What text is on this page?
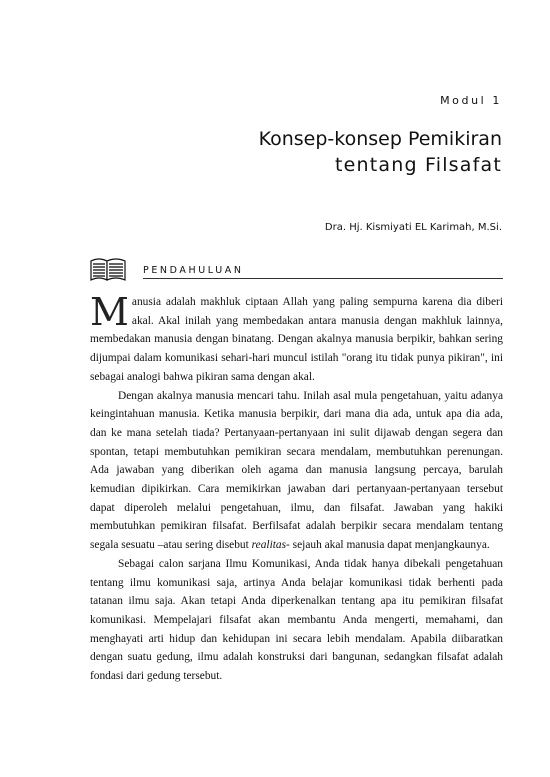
Modul 1
Konsep-konsep Pemikiran
tentang Filsafat
Dra. Hj. Kismiyati EL Karimah, M.Si.
PENDAHULUAN

Manusia adalah makhluk ciptaan Allah yang paling sempurna karena dia diberi akal. Akal inilah yang membedakan antara manusia dengan makhluk lainnya, membedakan manusia dengan binatang. Dengan akalnya manusia berpikir, bahkan sering dijumpai dalam komunikasi sehari-hari muncul istilah "orang itu tidak punya pikiran", ini sebagai analogi bahwa pikiran sama dengan akal.

Dengan akalnya manusia mencari tahu. Inilah asal mula pengetahuan, yaitu adanya keingintahuan manusia. Ketika manusia berpikir, dari mana dia ada, untuk apa dia ada, dan ke mana setelah tiada? Pertanyaan-pertanyaan ini sulit dijawab dengan segera dan spontan, tetapi membutuhkan pemikiran secara mendalam, membutuhkan perenungan. Ada jawaban yang diberikan oleh agama dan manusia langsung percaya, barulah kemudian dipikirkan. Cara memikirkan jawaban dari pertanyaan-pertanyaan tersebut dapat diperoleh melalui pengetahuan, ilmu, dan filsafat. Jawaban yang hakiki membutuhkan pemikiran filsafat. Berfilsafat adalah berpikir secara mendalam tentang segala sesuatu –atau sering disebut realitas- sejauh akal manusia dapat menjangkaunya.

Sebagai calon sarjana Ilmu Komunikasi, Anda tidak hanya dibekali pengetahuan tentang ilmu komunikasi saja, artinya Anda belajar komunikasi tidak berhenti pada tatanan ilmu saja. Akan tetapi Anda diperkenalkan tentang apa itu pemikiran filsafat komunikasi. Mempelajari filsafat akan membantu Anda mengerti, memahami, dan menghayati arti hidup dan kehidupan ini secara lebih mendalam. Apabila diibaratkan dengan suatu gedung, ilmu adalah konstruksi dari bangunan, sedangkan filsafat adalah fondasi dari gedung tersebut.
